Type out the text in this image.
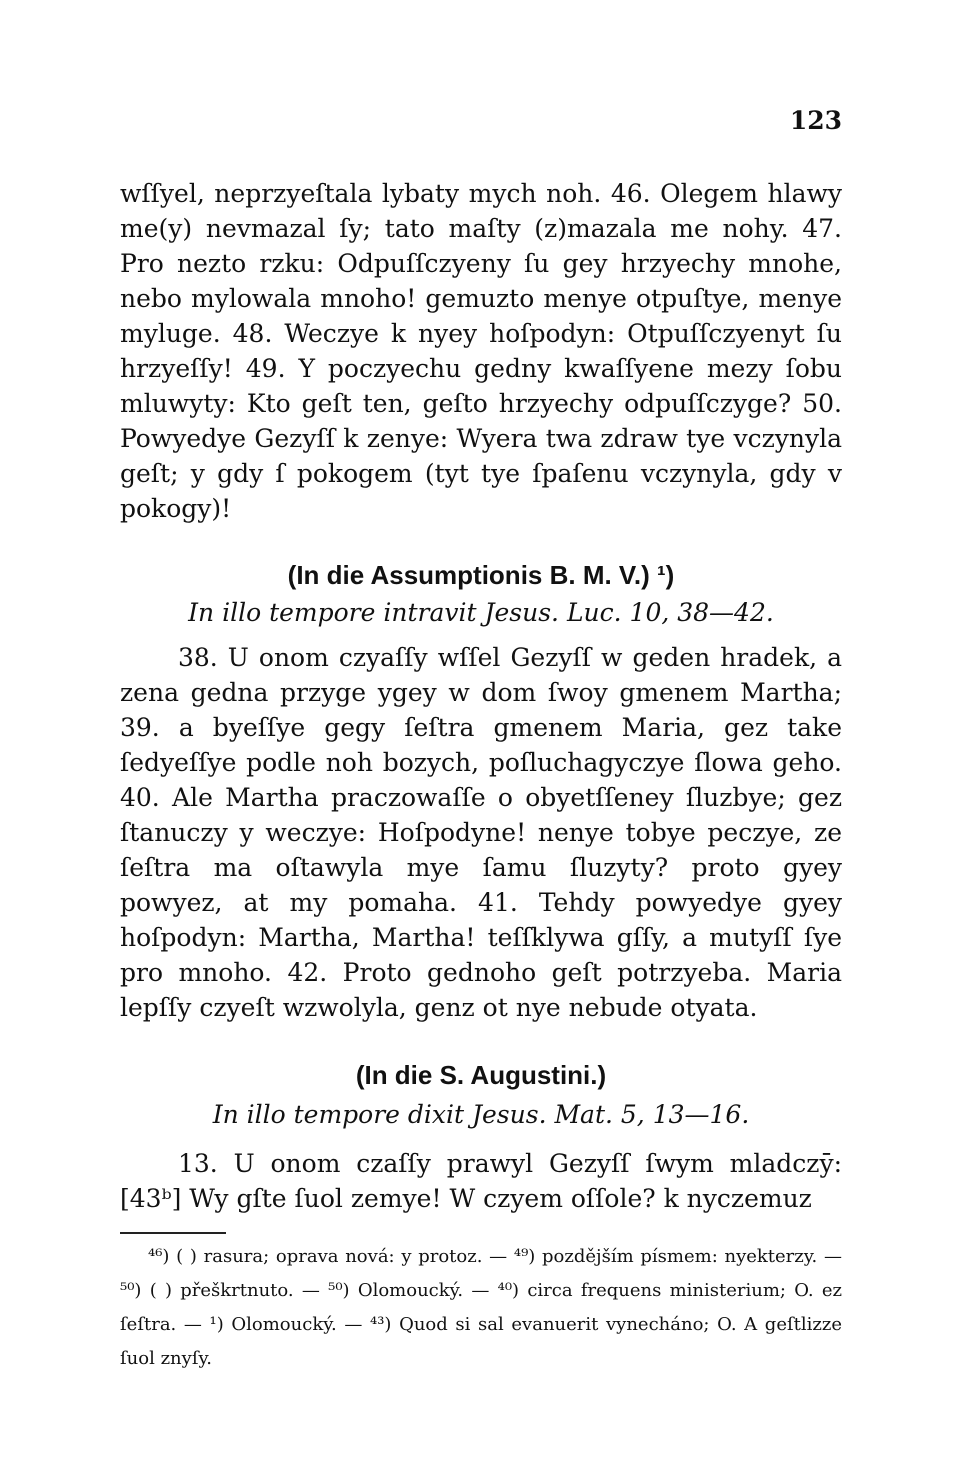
123
wſſyel, neprzyeſtala lybaty mych noh. 46. Olegem hlawy me(y) nevmazal ſy; tato maſty (z)mazala me nohy. 47. Pro nezto rzku: Odpuſſczyeny ſu gey hrzyechy mnohe, nebo mylowala mnoho! gemuzto menye otpuſtye, menye myluge. 48. Weczye k nyey hoſpodyn: Otpuſſczyenyt ſu hrzyeſſy! 49. Y poczyechu gedny kwaſſyene mezy ſobu mluwyty: Kto geſt ten, geſto hrzyechy odpuſſczyge? 50. Powyedye Gezyſſ k zenye: Wyera twa zdraw tye vczynyla geſt; y gdy ſ pokogem (tyt tye ſpaſenu vczynyla, gdy v pokogy)!
(In die Assumptionis B. M. V.) ¹)
In illo tempore intravit Jesus. Luc. 10, 38—42.
38. U onom czyaſſy wſſel Gezyſſ w geden hradek, a zena gedna przyge ygey w dom ſwoy gmenem Martha; 39. a byeſſye gegy ſeſtra gmenem Maria, gez take ſedyeſſye podle noh bozych, poſluchagyczye ſlowa geho. 40. Ale Martha praczowaſſe o obyetſſeney ſluzbye; gez ſtanuczy y weczye: Hoſpodyne! nenye tobye peczye, ze ſeſtra ma oſtawyla mye ſamu ſluzyty? proto gyey powyez, at my pomaha. 41. Tehdy powyedye gyey hoſpodyn: Martha, Martha! teſſklywa gſſy, a mutyſſ ſye pro mnoho. 42. Proto gednoho geſt potrzyeba. Maria lepſſy czyeſt wzwolyla, genz ot nye nebude otyata.
(In die S. Augustini.)
In illo tempore dixit Jesus. Mat. 5, 13—16.
13. U onom czaſſy prawyl Gezyſſ ſwym mladczȳ: [43ᵇ] Wy gſte ſuol zemye! W czyem oſſole? k nyczemuz
⁴⁶) ( ) rasura; oprava nová: y protoz. — ⁴⁹) pozdějším písmem: nyekterzy. — ⁵⁰) ( ) přeškrtnuto. — ⁵⁰) Olomoucký. — ⁴⁰) circa frequens ministerium; O. ez ſeſtra. — ¹) Olomoucký. — ⁴³) Quod si sal evanuerit vynecháno; O. A geſtlizze ſuol znyſy.
